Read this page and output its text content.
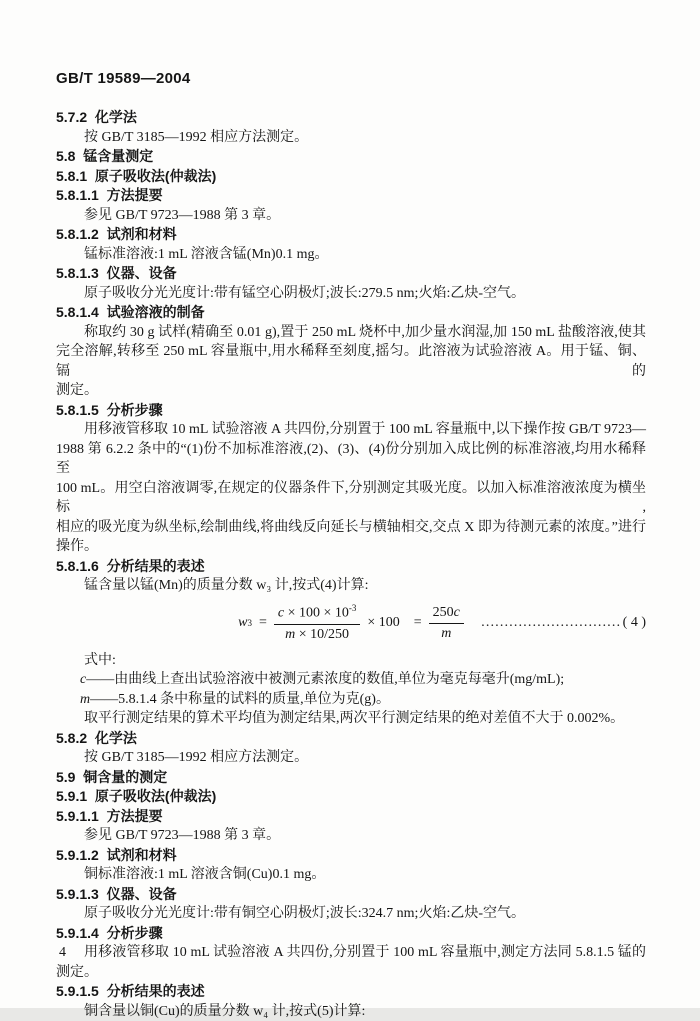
GB/T 19589—2004
5.7.2  化学法
按 GB/T 3185—1992 相应方法测定。
5.8  锰含量测定
5.8.1  原子吸收法(仲裁法)
5.8.1.1  方法提要
参见 GB/T 9723—1988 第 3 章。
5.8.1.2  试剂和材料
锰标准溶液:1 mL 溶液含锰(Mn)0.1 mg。
5.8.1.3  仪器、设备
原子吸收分光光度计:带有锰空心阴极灯;波长:279.5 nm;火焰:乙炔-空气。
5.8.1.4  试验溶液的制备
称取约 30 g 试样(精确至 0.01 g),置于 250 mL 烧杯中,加少量水润湿,加 150 mL 盐酸溶液,使其
完全溶解,转移至 250 mL 容量瓶中,用水稀释至刻度,摇匀。此溶液为试验溶液 A。用于锰、铜、镉的
测定。
5.8.1.5  分析步骤
用移液管移取 10 mL 试验溶液 A 共四份,分别置于 100 mL 容量瓶中,以下操作按 GB/T 9723—
1988 第 6.2.2 条中的“(1)份不加标准溶液,(2)、(3)、(4)份分别加入成比例的标准溶液,均用水稀释至
100 mL。用空白溶液调零,在规定的仪器条件下,分别测定其吸光度。以加入标准溶液浓度为横坐标,
相应的吸光度为纵坐标,绘制曲线,将曲线反向延长与横轴相交,交点 X 即为待测元素的浓度。”进行
操作。
5.8.1.6  分析结果的表述
锰含量以锰(Mn)的质量分数 w₃ 计,按式(4)计算:
w $3 = \frac{c \times 100 \times 10^{-3}}{m \times 10/250} \times 100 = \frac{250c}{m}$ ………………………… ( 4 )
式中:
c——由曲线上查出试验溶液中被测元素浓度的数值,单位为毫克每毫升(mg/mL);
m——5.8.1.4 条中称量的试料的质量,单位为克(g)。
取平行测定结果的算术平均值为测定结果,两次平行测定结果的绝对差值不大于 0.002%。
5.8.2  化学法
按 GB/T 3185—1992 相应方法测定。
5.9  铜含量的测定
5.9.1  原子吸收法(仲裁法)
5.9.1.1  方法提要
参见 GB/T 9723—1988 第 3 章。
5.9.1.2  试剂和材料
铜标准溶液:1 mL 溶液含铜(Cu)0.1 mg。
5.9.1.3  仪器、设备
原子吸收分光光度计:带有铜空心阴极灯;波长:324.7 nm;火焰:乙炔-空气。
5.9.1.4  分析步骤
用移液管移取 10 mL 试验溶液 A 共四份,分别置于 100 mL 容量瓶中,测定方法同 5.8.1.5 锰的
测定。
5.9.1.5  分析结果的表述
铜含量以铜(Cu)的质量分数 w₄ 计,按式(5)计算:
4
